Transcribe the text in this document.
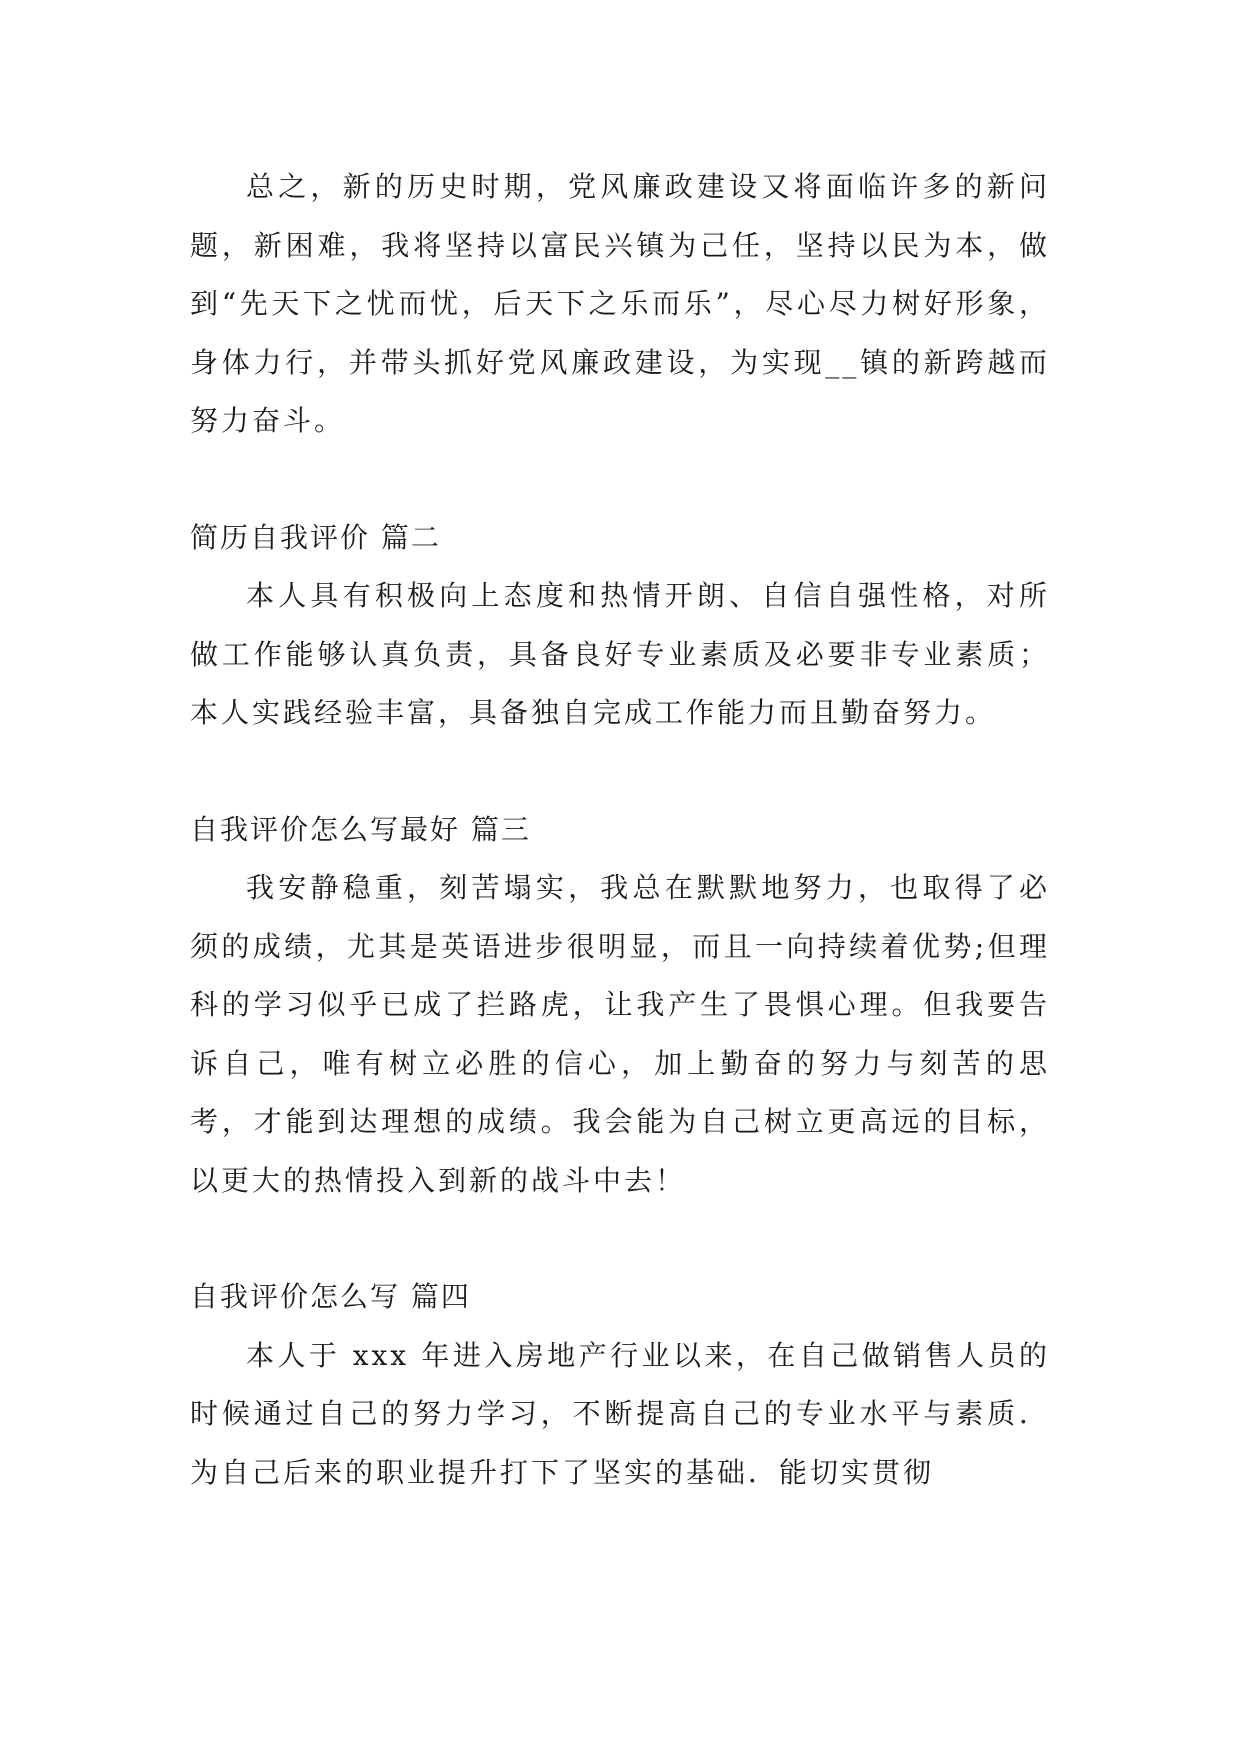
总之，新的历史时期，党风廉政建设又将面临许多的新问题，新困难，我将坚持以富民兴镇为己任，坚持以民为本，做到“先天下之忧而忧，后天下之乐而乐”，尽心尽力树好形象，身体力行，并带头抓好党风廉政建设，为实现__镇的新跨越而努力奋斗。

简历自我评价 篇二

本人具有积极向上态度和热情开朗、自信自强性格，对所做工作能够认真负责，具备良好专业素质及必要非专业素质；本人实践经验丰富，具备独自完成工作能力而且勤奋努力。

自我评价怎么写最好 篇三

我安静稳重，刻苦塌实，我总在默默地努力，也取得了必须的成绩，尤其是英语进步很明显，而且一向持续着优势;但理科的学习似乎已成了拦路虎，让我产生了畏惧心理。但我要告诉自己，唯有树立必胜的信心，加上勤奋的努力与刻苦的思考，才能到达理想的成绩。我会能为自己树立更高远的目标，以更大的热情投入到新的战斗中去！

自我评价怎么写 篇四

本人于 xxx 年进入房地产行业以来，在自己做销售人员的时候通过自己的努力学习，不断提高自己的专业水平与素质．为自己后来的职业提升打下了坚实的基础．能切实贯彻
